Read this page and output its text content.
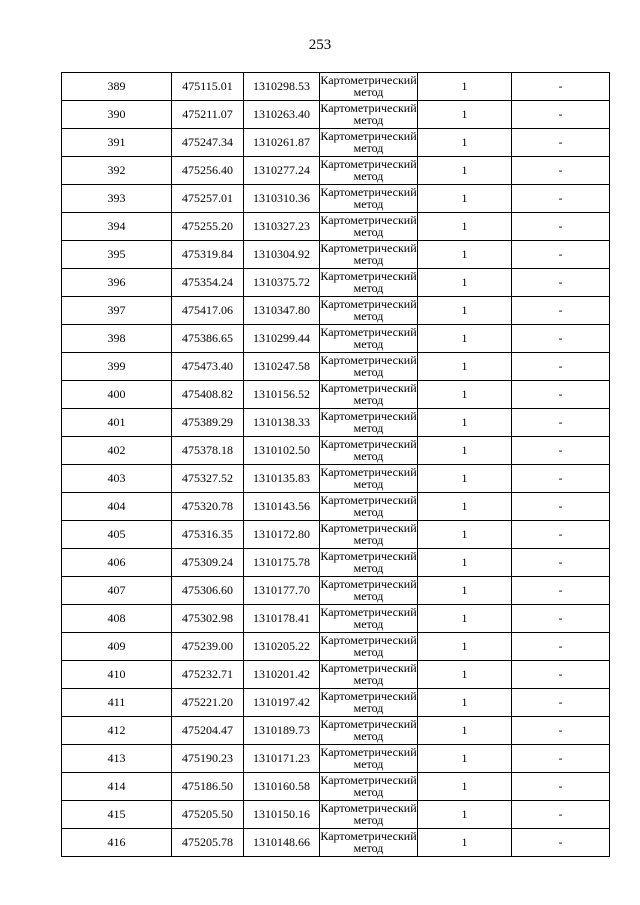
253
389	475115.01	1310298.53	Картометрический метод	1	-
390	475211.07	1310263.40	Картометрический метод	1	-
391	475247.34	1310261.87	Картометрический метод	1	-
392	475256.40	1310277.24	Картометрический метод	1	-
393	475257.01	1310310.36	Картометрический метод	1	-
394	475255.20	1310327.23	Картометрический метод	1	-
395	475319.84	1310304.92	Картометрический метод	1	-
396	475354.24	1310375.72	Картометрический метод	1	-
397	475417.06	1310347.80	Картометрический метод	1	-
398	475386.65	1310299.44	Картометрический метод	1	-
399	475473.40	1310247.58	Картометрический метод	1	-
400	475408.82	1310156.52	Картометрический метод	1	-
401	475389.29	1310138.33	Картометрический метод	1	-
402	475378.18	1310102.50	Картометрический метод	1	-
403	475327.52	1310135.83	Картометрический метод	1	-
404	475320.78	1310143.56	Картометрический метод	1	-
405	475316.35	1310172.80	Картометрический метод	1	-
406	475309.24	1310175.78	Картометрический метод	1	-
407	475306.60	1310177.70	Картометрический метод	1	-
408	475302.98	1310178.41	Картометрический метод	1	-
409	475239.00	1310205.22	Картометрический метод	1	-
410	475232.71	1310201.42	Картометрический метод	1	-
411	475221.20	1310197.42	Картометрический метод	1	-
412	475204.47	1310189.73	Картометрический метод	1	-
413	475190.23	1310171.23	Картометрический метод	1	-
414	475186.50	1310160.58	Картометрический метод	1	-
415	475205.50	1310150.16	Картометрический метод	1	-
416	475205.78	1310148.66	Картометрический метод	1	-
